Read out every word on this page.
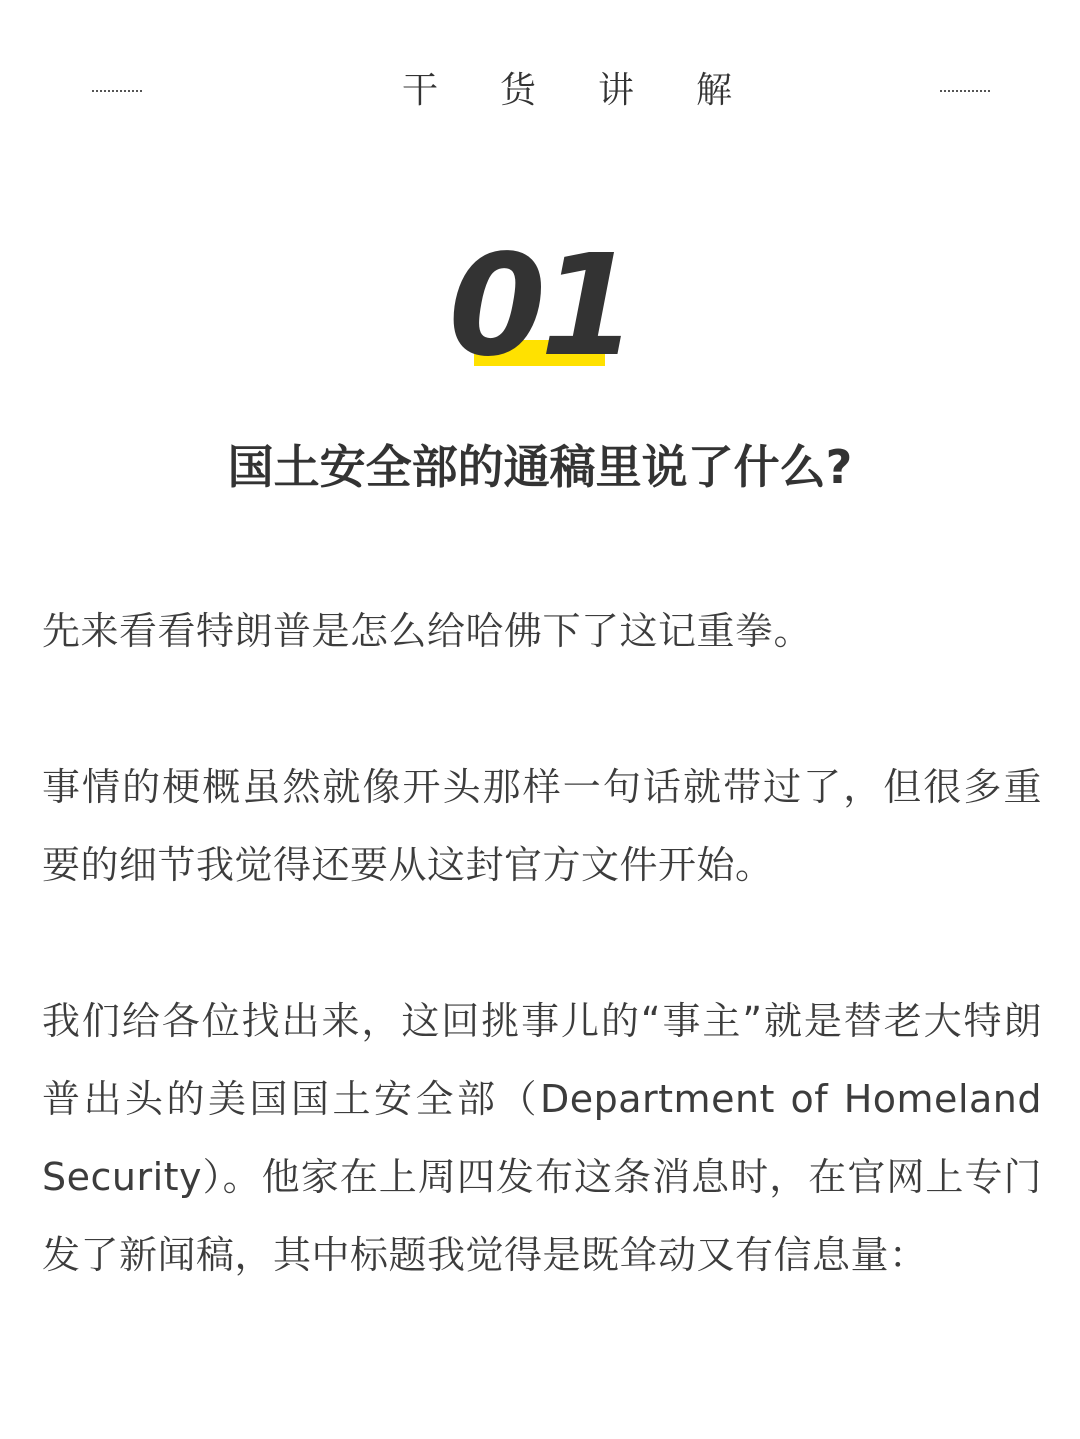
干货讲解
01
国土安全部的通稿里说了什么?

先来看看特朗普是怎么给哈佛下了这记重拳。

事情的梗概虽然就像开头那样一句话就带过了，但很多重要的细节我觉得还要从这封官方文件开始。

我们给各位找出来，这回挑事儿的“事主”就是替老大特朗普出头的美国国土安全部（Department of Homeland Security）。他家在上周四发布这条消息时，在官网上专门发了新闻稿，其中标题我觉得是既耸动又有信息量：
